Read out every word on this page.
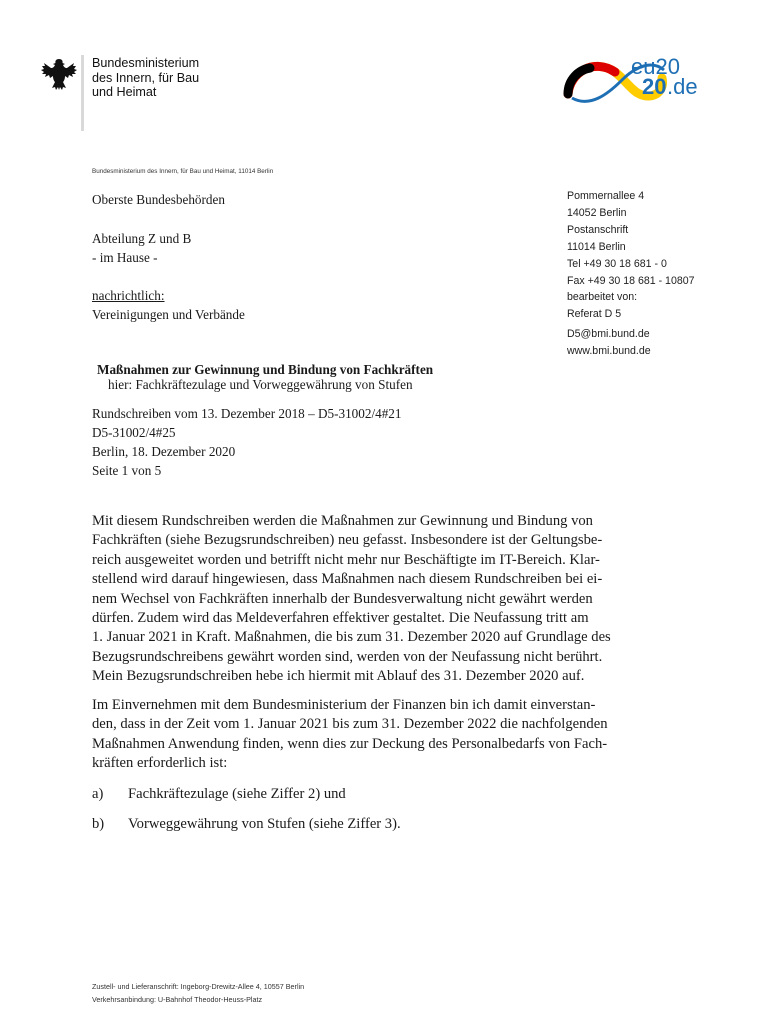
Bundesministerium
des Innern, für Bau
und Heimat
eu20
20 .de
Bundesministerium des Innern, für Bau und Heimat, 11014 Berlin
Oberste Bundesbehörden
Abteilung Z und B
- im Hause -
nachrichtlich:
Vereinigungen und Verbände
Pommernallee 4
14052 Berlin
Postanschrift
11014 Berlin
Tel +49 30 18 681 - 0
Fax +49 30 18 681 - 10807
bearbeitet von:
Referat D 5
D5@bmi.bund.de
www.bmi.bund.de
Maßnahmen zur Gewinnung und Bindung von Fachkräften
hier: Fachkräftezulage und Vorweggewährung von Stufen
Rundschreiben vom 13. Dezember 2018 – D5-31002/4#21
D5-31002/4#25
Berlin, 18. Dezember 2020
Seite 1 von 5
Mit diesem Rundschreiben werden die Maßnahmen zur Gewinnung und Bindung von
Fachkräften (siehe Bezugsrundschreiben) neu gefasst. Insbesondere ist der Geltungsbe-
reich ausgeweitet worden und betrifft nicht mehr nur Beschäftigte im IT-Bereich. Klar-
stellend wird darauf hingewiesen, dass Maßnahmen nach diesem Rundschreiben bei ei-
nem Wechsel von Fachkräften innerhalb der Bundesverwaltung nicht gewährt werden
dürfen. Zudem wird das Meldeverfahren effektiver gestaltet. Die Neufassung tritt am
1. Januar 2021 in Kraft. Maßnahmen, die bis zum 31. Dezember 2020 auf Grundlage des
Bezugsrundschreibens gewährt worden sind, werden von der Neufassung nicht berührt.
Mein Bezugsrundschreiben hebe ich hiermit mit Ablauf des 31. Dezember 2020 auf.
Im Einvernehmen mit dem Bundesministerium der Finanzen bin ich damit einverstan-
den, dass in der Zeit vom 1. Januar 2021 bis zum 31. Dezember 2022 die nachfolgenden
Maßnahmen Anwendung finden, wenn dies zur Deckung des Personalbedarfs von Fach-
kräften erforderlich ist:
a) Fachkräftezulage (siehe Ziffer 2) und
b) Vorweggewährung von Stufen (siehe Ziffer 3).
Zustell- und Lieferanschrift: Ingeborg-Drewitz-Allee 4, 10557 Berlin
Verkehrsanbindung: U-Bahnhof Theodor-Heuss-Platz
